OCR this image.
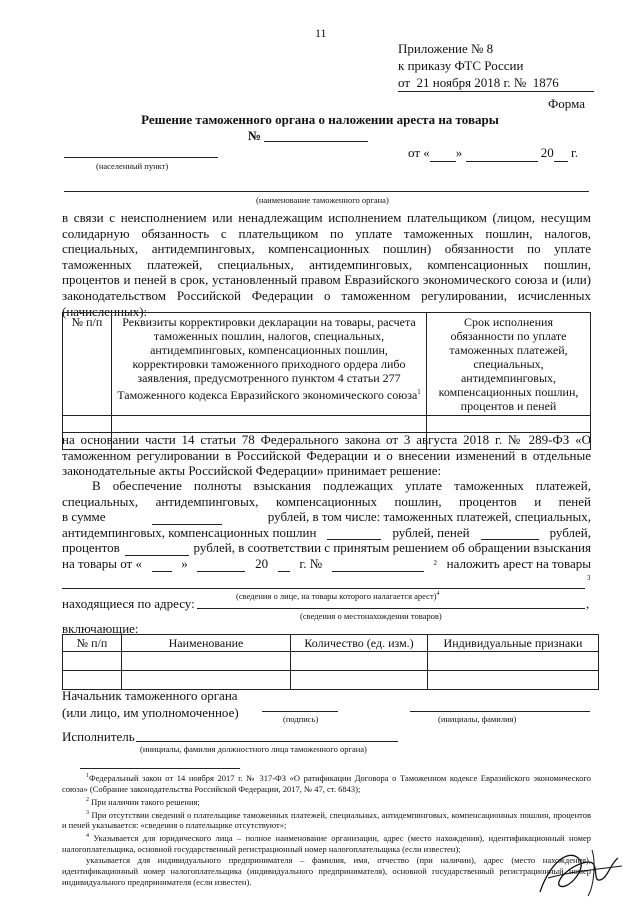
11
Приложение № 8
к приказу ФТС России
от  21 ноября 2018 г. №  1876
Форма
Решение таможенного органа о наложении ареста на товары
№
(населенный пункт)
от « »	20 г.
(наименование таможенного органа)
в связи с неисполнением или ненадлежащим исполнением плательщиком (лицом, несущим солидарную обязанность с плательщиком по уплате таможенных пошлин, налогов, специальных, антидемпинговых, компенсационных пошлин) обязанности по уплате таможенных платежей, специальных, антидемпинговых, компенсационных пошлин, процентов и пеней в срок, установленный правом Евразийского экономического союза и (или) законодательством Российской Федерации о таможенном регулировании, исчисленных (начисленных):
№ п/п	Реквизиты корректировки декларации на товары, расчета таможенных пошлин, налогов, специальных, антидемпинговых, компенсационных пошлин, корректировки таможенного приходного ордера либо заявления, предусмотренного пунктом 4 статьи 277 Таможенного кодекса Евразийского экономического союза$^1$	Срок исполнения обязанности по уплате таможенных платежей, специальных, антидемпинговых, компенсационных пошлин, процентов и пеней

на основании части 14 статьи 78 Федерального закона от 3 августа 2018 г. № 289-ФЗ «О таможенном регулировании в Российской Федерации и о внесении изменений в отдельные законодательные акты Российской Федерации» принимает решение:
В обеспечение полноты взыскания подлежащих уплате таможенных платежей,
специальных, антидемпинговых, компенсационных пошлин, процентов и пеней
в сумме	рублей, в том числе: таможенных платежей, специальных,
антидемпинговых, компенсационных пошлин	рублей, пеней	рублей,
процентов	рублей, в соответствии с принятым решением об обращении взыскания
на товары от «	»	20 г. №	2 наложить арест на товары
3
(сведения о лице, на товары которого налагается арест)$^4$
находящиеся по адресу:	,
(сведения о местонахождении товаров)
включающие:
№ п/п	Наименование	Количество (ед. изм.)	Индивидуальные признаки

Начальник таможенного органа
(или лицо, им уполномоченное)	(подпись)	(инициалы, фамилия)
Исполнитель
(инициалы, фамилия должностного лица таможенного органа)
$^1$Федеральный закон от 14 ноября 2017 г. № 317-ФЗ «О ратификации Договора о Таможенном кодексе Евразийского экономического союза» (Собрание законодательства Российской Федерации, 2017, № 47, ст. 6843);
$^2$ При наличии такого решения;
$^3$ При отсутствии сведений о плательщике таможенных платежей, специальных, антидемпинговых, компенсационных пошлин, процентов и пеней указывается: «сведения о плательщике отсутствуют»;
$^4$ Указывается для юридического лица – полное наименование организации, адрес (место нахождения), идентификационный номер налогоплательщика, основной государственный регистрационный номер налогоплательщика (если известен);
указывается для индивидуального предпринимателя – фамилия, имя, отчество (при наличии), адрес (место нахождения), идентификационный номер налогоплательщика (индивидуального предпринимателя), основной государственный регистрационный номер индивидуального предпринимателя (если известен).
